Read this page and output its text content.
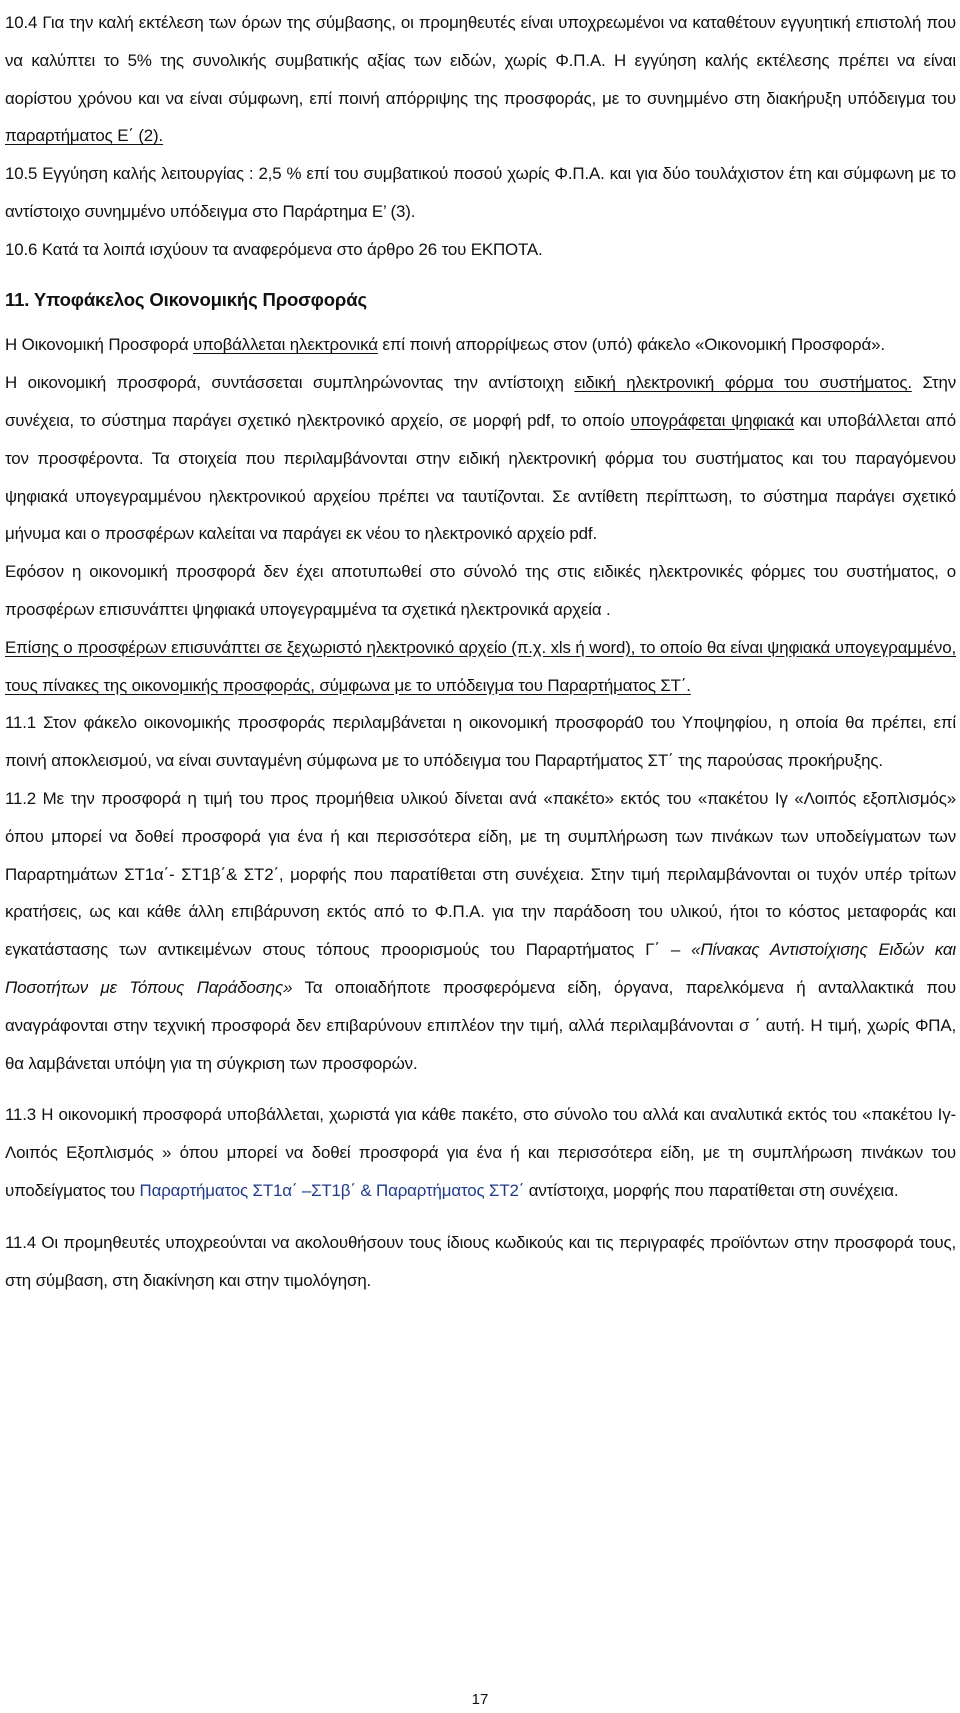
10.4 Για την καλή εκτέλεση των όρων της σύμβασης, οι προμηθευτές είναι υποχρεωμένοι να καταθέτουν εγγυητική επιστολή που να καλύπτει το 5% της συνολικής συμβατικής αξίας των ειδών, χωρίς Φ.Π.Α. Η εγγύηση καλής εκτέλεσης πρέπει να είναι αορίστου χρόνου και να είναι σύμφωνη, επί ποινή απόρριψης της προσφοράς, με το συνημμένο στη διακήρυξη υπόδειγμα του παραρτήματος Ε΄ (2).

10.5 Εγγύηση καλής λειτουργίας : 2,5 % επί του συμβατικού ποσού χωρίς Φ.Π.Α. και για δύο τουλάχιστον έτη και σύμφωνη με το αντίστοιχο συνημμένο υπόδειγμα στο Παράρτημα Ε’ (3).

10.6 Κατά τα λοιπά ισχύουν τα αναφερόμενα στο άρθρο 26 του ΕΚΠΟΤΑ.

11. Υποφάκελος Οικονομικής Προσφοράς

Η Οικονομική Προσφορά υποβάλλεται ηλεκτρονικά επί ποινή απορρίψεως στον (υπό) φάκελο «Οικονομική Προσφορά».

Η οικονομική προσφορά, συντάσσεται συμπληρώνοντας την αντίστοιχη ειδική ηλεκτρονική φόρμα του συστήματος. Στην συνέχεια, το σύστημα παράγει σχετικό ηλεκτρονικό αρχείο, σε μορφή pdf, το οποίο υπογράφεται ψηφιακά και υποβάλλεται από τον προσφέροντα. Τα στοιχεία που περιλαμβάνονται στην ειδική ηλεκτρονική φόρμα του συστήματος και του παραγόμενου ψηφιακά υπογεγραμμένου ηλεκτρονικού αρχείου πρέπει να ταυτίζονται. Σε αντίθετη περίπτωση, το σύστημα παράγει σχετικό μήνυμα και ο προσφέρων καλείται να παράγει εκ νέου το ηλεκτρονικό αρχείο pdf.

Εφόσον η οικονομική προσφορά δεν έχει αποτυπωθεί στο σύνολό της στις ειδικές ηλεκτρονικές φόρμες του συστήματος, ο προσφέρων επισυνάπτει ψηφιακά υπογεγραμμένα τα σχετικά ηλεκτρονικά αρχεία .

Επίσης ο προσφέρων επισυνάπτει σε ξεχωριστό ηλεκτρονικό αρχείο (π.χ. xls ή word), το οποίο θα είναι ψηφιακά υπογεγραμμένο, τους πίνακες της οικονομικής προσφοράς, σύμφωνα με το υπόδειγμα του Παραρτήματος ΣΤ΄.

11.1 Στον φάκελο οικονομικής προσφοράς περιλαμβάνεται η οικονομική προσφορά0 του Υποψηφίου, η οποία θα πρέπει, επί ποινή αποκλεισμού, να είναι συνταγμένη σύμφωνα με το υπόδειγμα του Παραρτήματος ΣΤ΄ της παρούσας προκήρυξης.

11.2 Με την προσφορά η τιμή του προς προμήθεια υλικού δίνεται ανά «πακέτο» εκτός του «πακέτου Ιγ «Λοιπός εξοπλισμός» όπου μπορεί να δοθεί προσφορά για ένα ή και περισσότερα είδη, με τη συμπλήρωση των πινάκων των υποδείγματων των Παραρτημάτων ΣΤ1α΄- ΣΤ1β΄& ΣΤ2΄, μορφής που παρατίθεται στη συνέχεια. Στην τιμή περιλαμβάνονται οι τυχόν υπέρ τρίτων κρατήσεις, ως και κάθε άλλη επιβάρυνση εκτός από το Φ.Π.Α. για την παράδοση του υλικού, ήτοι το κόστος μεταφοράς και εγκατάστασης των αντικειμένων στους τόπους προορισμούς του Παραρτήματος Γ΄ – «Πίνακας Αντιστοίχισης Ειδών και Ποσοτήτων με Τόπους Παράδοσης» Τα οποιαδήποτε προσφερόμενα είδη, όργανα, παρελκόμενα ή ανταλλακτικά που αναγράφονται στην τεχνική προσφορά δεν επιβαρύνουν επιπλέον την τιμή, αλλά περιλαμβάνονται σ ΄ αυτή. Η τιμή, χωρίς ΦΠΑ, θα λαμβάνεται υπόψη για τη σύγκριση των προσφορών.

11.3 Η οικονομική προσφορά υποβάλλεται, χωριστά για κάθε πακέτο, στο σύνολο του αλλά και αναλυτικά εκτός του «πακέτου Ιγ-Λοιπός Εξοπλισμός » όπου μπορεί να δοθεί προσφορά για ένα ή και περισσότερα είδη, με τη συμπλήρωση πινάκων του υποδείγματος του Παραρτήματος ΣΤ1α΄ –ΣΤ1β΄ & Παραρτήματος ΣΤ2΄ αντίστοιχα, μορφής που παρατίθεται στη συνέχεια.

11.4 Οι προμηθευτές υποχρεούνται να ακολουθήσουν τους ίδιους κωδικούς και τις περιγραφές προϊόντων στην προσφορά τους, στη σύμβαση, στη διακίνηση και στην τιμολόγηση.

17
